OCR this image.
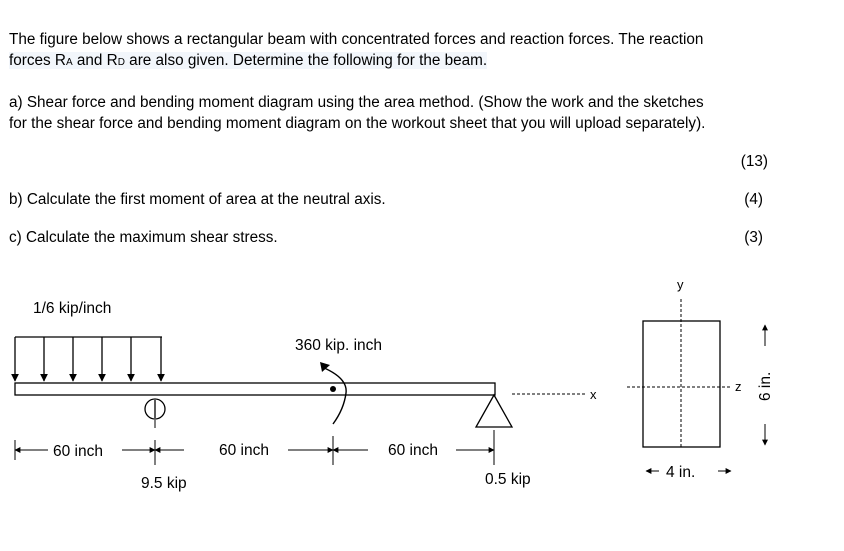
The figure below shows a rectangular beam with concentrated forces and reaction forces. The reaction
forces RA and RD are also given. Determine the following for the beam.
a) Shear force and bending moment diagram using the area method. (Show the work and the sketches
for the shear force and bending moment diagram on the workout sheet that you will upload separately).
(13)
b) Calculate the first moment of area at the neutral axis.	(4)
c) Calculate the maximum shear stress.	(3)
1/6 kip/inch
x
360 kip. inch
60 inch	60 inch	60 inch
9.5 kip	0.5 kip
y
z
4 in.
6 in.
